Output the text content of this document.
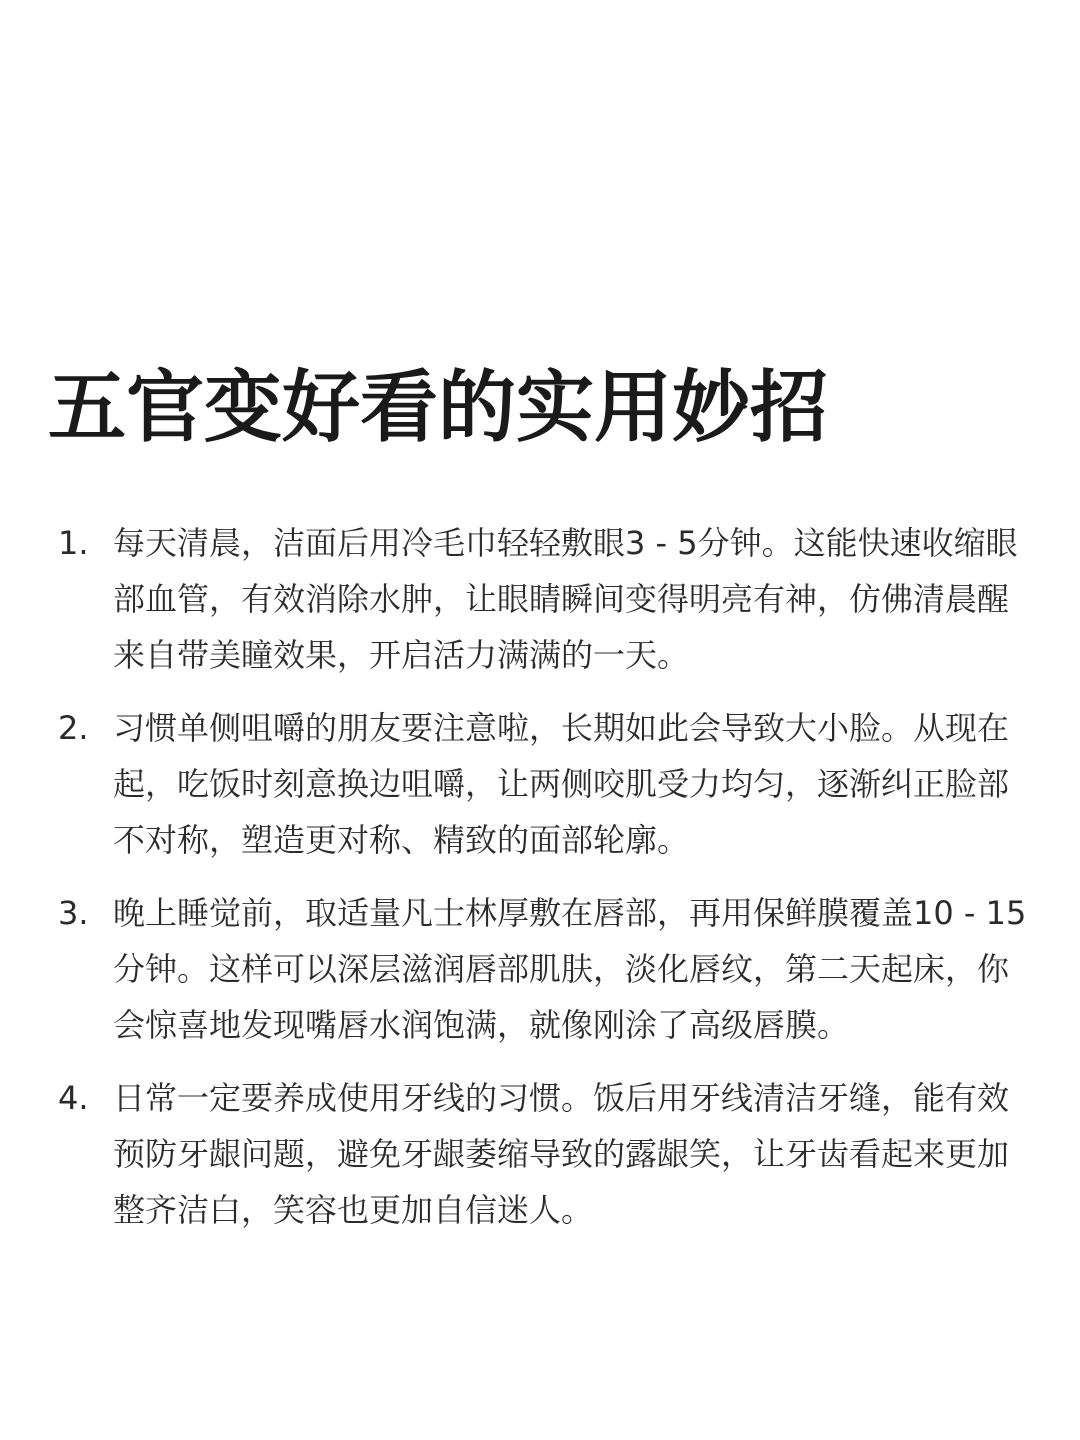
五官变好看的实用妙招
1. 每天清晨，洁面后用冷毛巾轻轻敷眼3 - 5分钟。这能快速收缩眼部血管，有效消除水肿，让眼睛瞬间变得明亮有神，仿佛清晨醒来自带美瞳效果，开启活力满满的一天。
2. 习惯单侧咀嚼的朋友要注意啦，长期如此会导致大小脸。从现在起，吃饭时刻意换边咀嚼，让两侧咬肌受力均匀，逐渐纠正脸部不对称，塑造更对称、精致的面部轮廓。
3. 晚上睡觉前，取适量凡士林厚敷在唇部，再用保鲜膜覆盖10 - 15分钟。这样可以深层滋润唇部肌肤，淡化唇纹，第二天起床，你会惊喜地发现嘴唇水润饱满，就像刚涂了高级唇膜。
4. 日常一定要养成使用牙线的习惯。饭后用牙线清洁牙缝，能有效预防牙龈问题，避免牙龈萎缩导致的露龈笑，让牙齿看起来更加整齐洁白，笑容也更加自信迷人。
